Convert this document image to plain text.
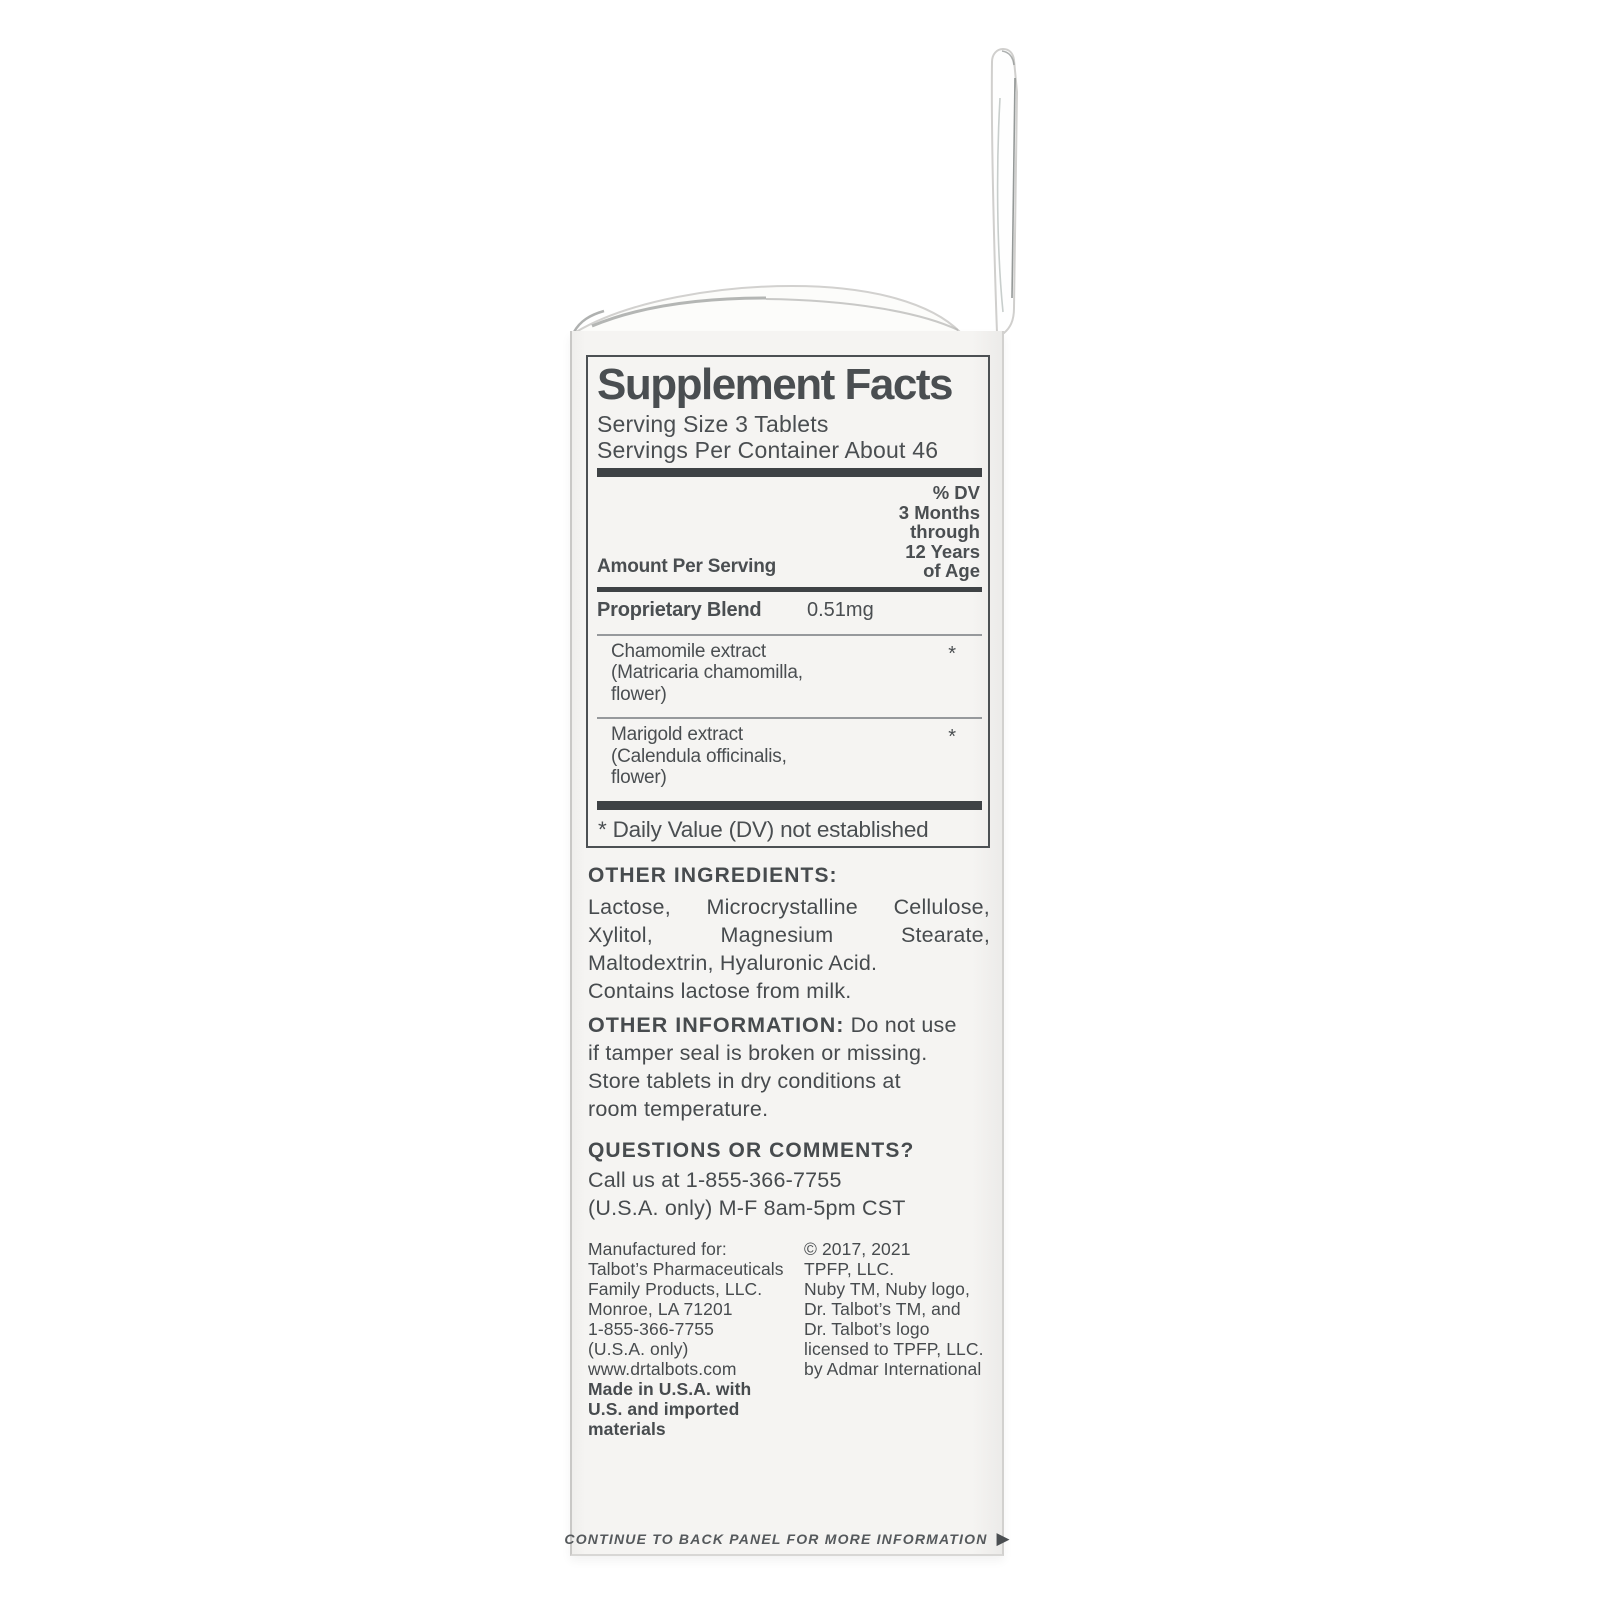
Supplement Facts
Serving Size 3 Tablets
Servings Per Container About 46
Amount Per Serving
% DV
3 Months
through
12 Years
of Age
Proprietary Blend	0.51mg
Chamomile extract
(Matricaria chamomilla,
flower)
*
Marigold extract
(Calendula officinalis,
flower)
*
* Daily Value (DV) not established
OTHER INGREDIENTS:
Lactose, Microcrystalline Cellulose,
Xylitol, Magnesium Stearate,
Maltodextrin, Hyaluronic Acid.
Contains lactose from milk.
OTHER INFORMATION: Do not use
if tamper seal is broken or missing.
Store tablets in dry conditions at
room temperature.
QUESTIONS OR COMMENTS?
Call us at 1-855-366-7755
(U.S.A. only) M-F 8am-5pm CST
Manufactured for:
Talbot’s Pharmaceuticals
Family Products, LLC.
Monroe, LA 71201
1-855-366-7755
(U.S.A. only)
www.drtalbots.com
Made in U.S.A. with
U.S. and imported
materials
© 2017, 2021
TPFP, LLC.
Nuby TM, Nuby logo,
Dr. Talbot’s TM, and
Dr. Talbot’s logo
licensed to TPFP, LLC.
by Admar International
CONTINUE TO BACK PANEL FOR MORE INFORMATION ▶
